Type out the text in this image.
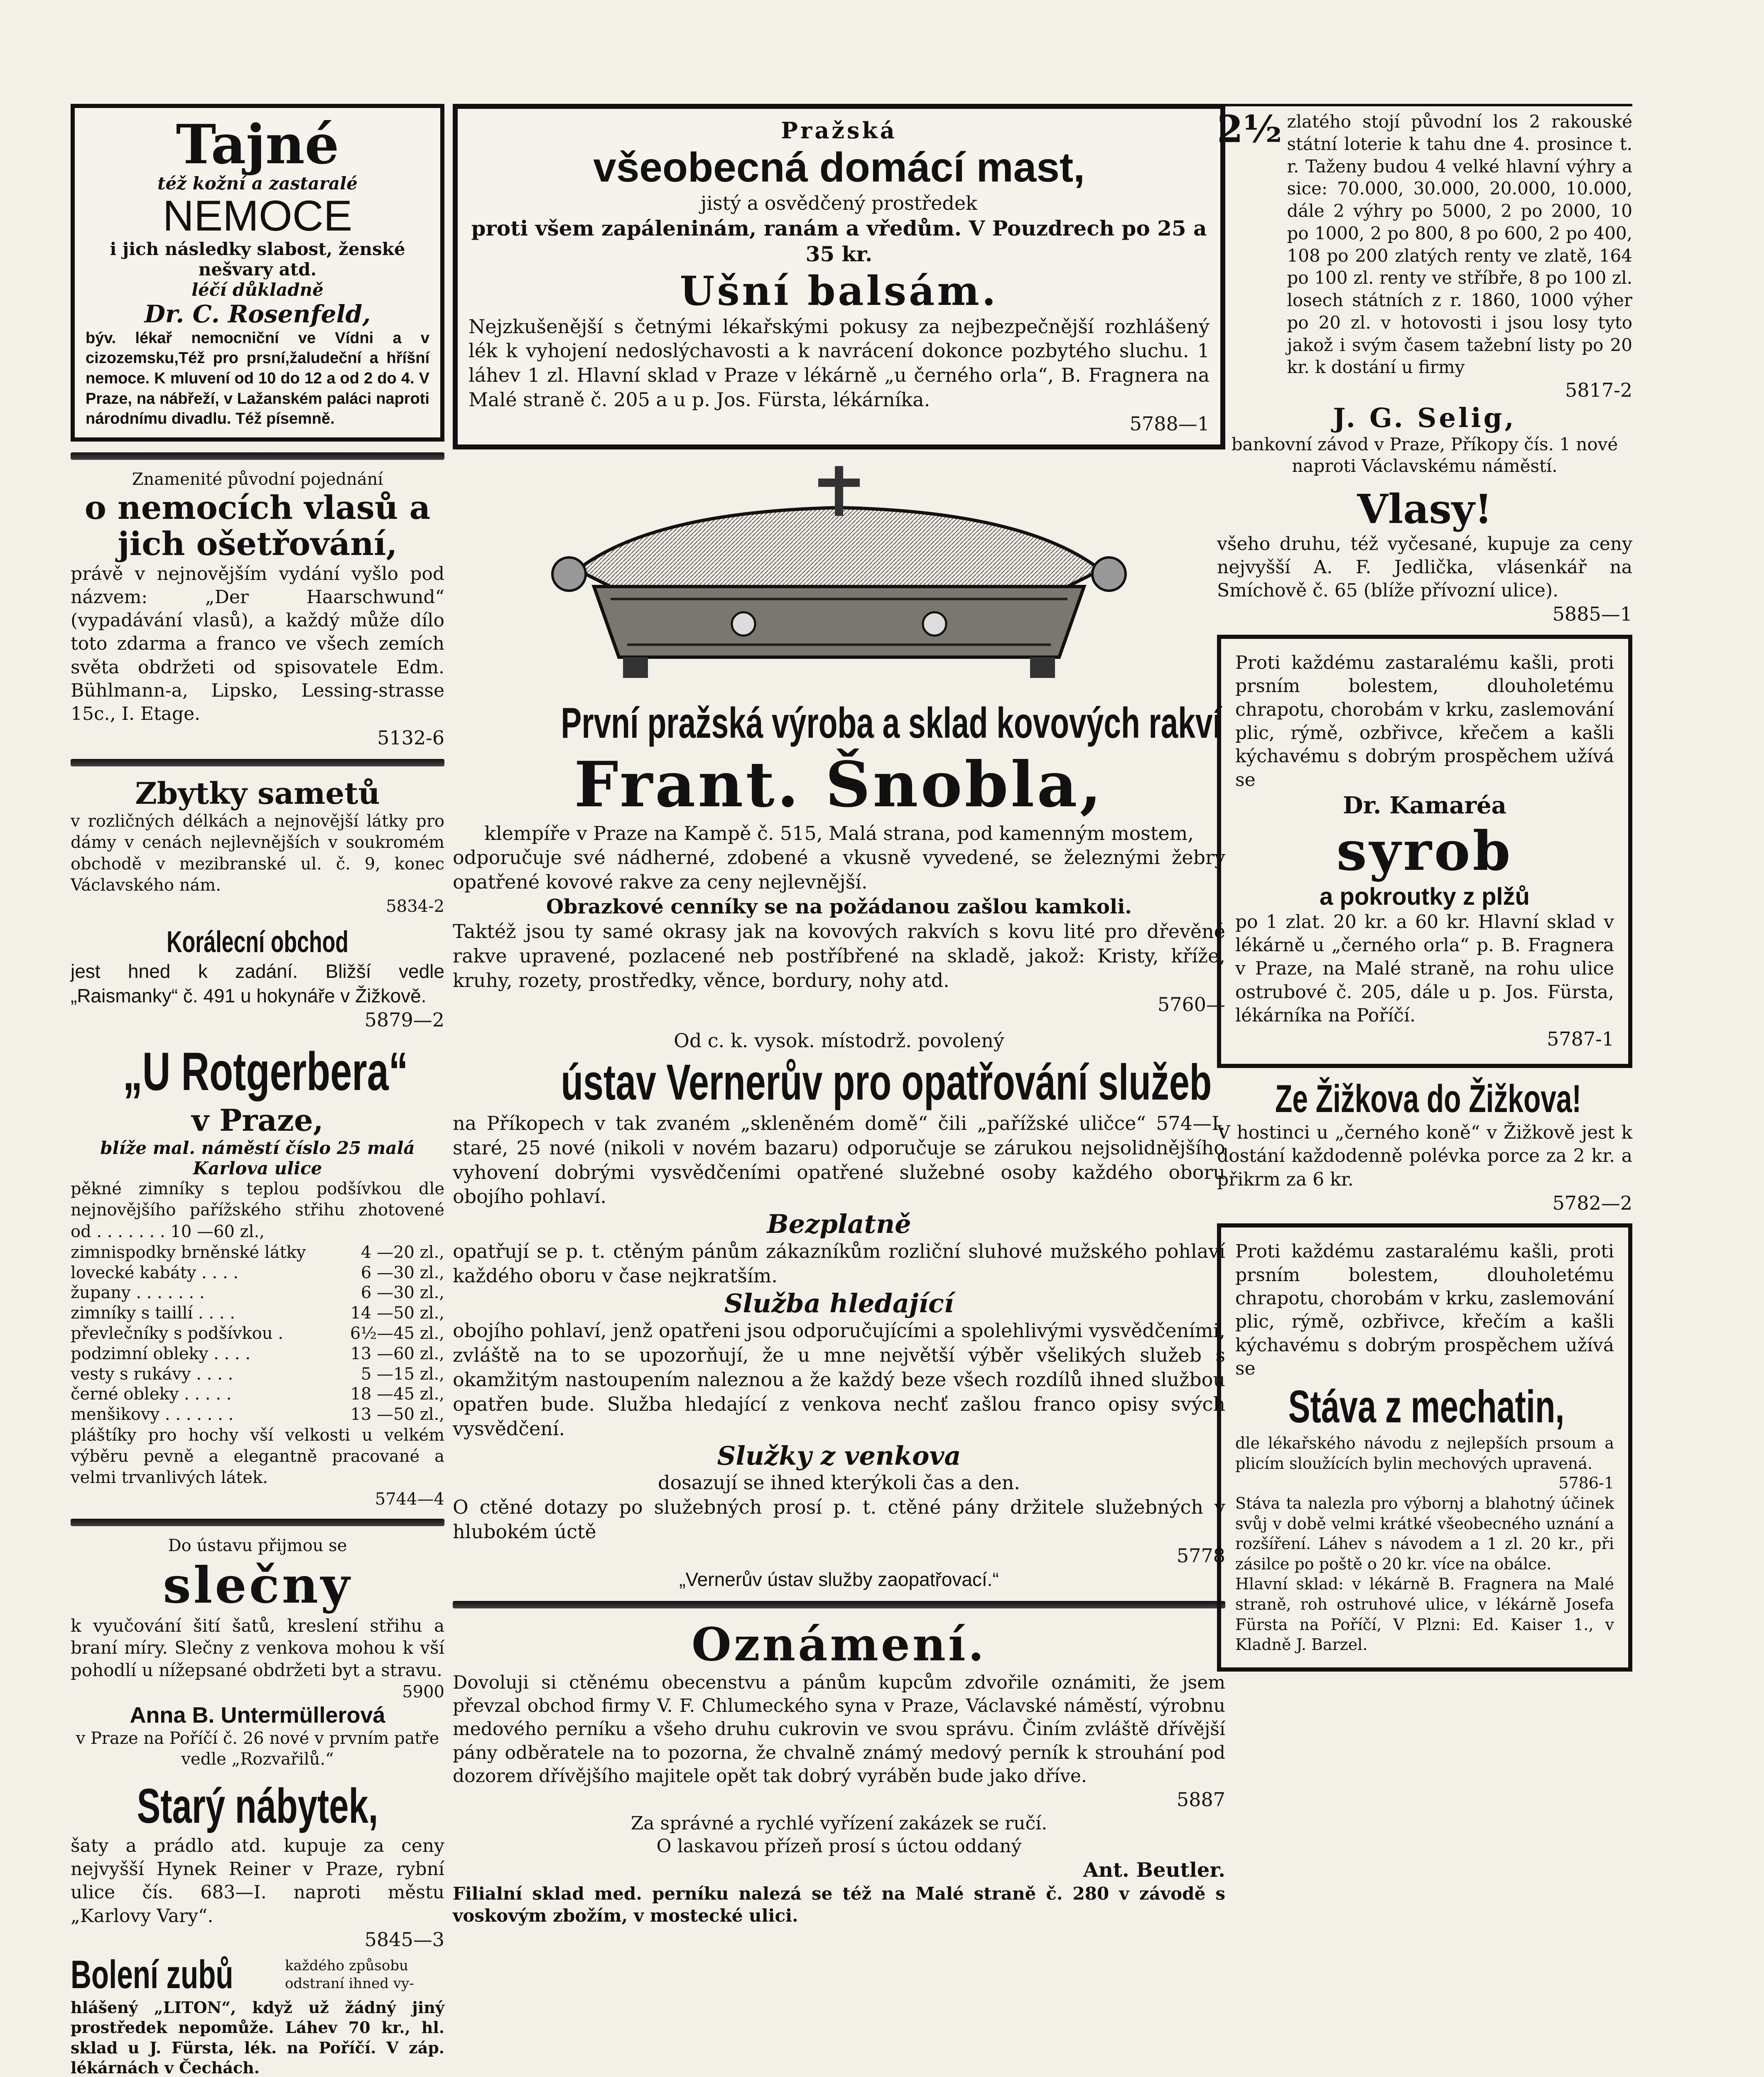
Tajné
též kožní a zastaralé
NEMOCE
i jich následky slabost, ženské nešvary atd.
léčí důkladně
Dr. C. Rosenfeld,

býv. lékař nemocniční ve Vídni a v cizozemsku,Též pro prsní,žaludeční a hříšní nemoce. K mluvení od 10 do 12 a od 2 do 4. V Praze, na nábřeží, v Lažanském paláci naproti národnímu divadlu. Též písemně.

Znamenité původní pojednání
o nemocích vlasů a jich ošetřování,

právě v nejnovějším vydání vyšlo pod názvem: „Der Haarschwund“ (vypadávání vlasů), a každý může dílo toto zdarma a franco ve všech zemích světa obdržeti od spisovatele Edm. Bühlmann-a, Lipsko, Lessing-strasse 15c., I. Etage.

5132-6
Zbytky sametů

v rozličných délkách a nejnovější látky pro dámy v cenách nejlevnějších v soukromém obchodě v mezibranské ul. č. 9, konec Václavského nám.

5834-2
Korálecní obchod

jest hned k zadání. Bližší vedle „Raismanky“ č. 491 u hokynáře v Žižkově.

5879—2
„U Rotgerbera“
v Praze,
blíže mal. náměstí číslo 25 malá Karlova ulice

pěkné zimníky s teplou podšívkou dle nejnovějšího pařížského střihu zhotovené od . . . . . . . 10 —60 zl.,

zimnispodky brněnské látky	4 —20 zl.,
lovecké kabáty . . . .	6 —30 zl.,
župany . . . . . . .	6 —30 zl.,
zimníky s taillí . . . .	14 —50 zl.,
převlečníky s podšívkou .	6½—45 zl.,
podzimní obleky . . . .	13 —60 zl.,
vesty s rukávy . . . .	5 —15 zl.,
černé obleky . . . . .	18 —45 zl.,
menšikovy . . . . . . .	13 —50 zl.,

pláštíky pro hochy vší velkosti u velkém výběru pevně a elegantně pracované a velmi trvanlivých látek.

5744—4
Do ústavu přijmou se
slečny

k vyučování šití šatů, kreslení střihu a braní míry. Slečny z venkova mohou k vší pohodlí u nížepsané obdržeti byt a stravu.

5900
Anna B. Untermüllerová
v Praze na Poříčí č. 26 nové v prvním patře vedle „Rozvařilů.“
Starý nábytek,

šaty a prádlo atd. kupuje za ceny nejvyšší Hynek Reiner v Praze, rybní ulice čís. 683—I. naproti městu „Karlovy Vary“.

5845—3
Bolení zubů	každého způsobu odstraní ihned vy-

hlášený „LITON“, když už žádný jiný prostředek nepomůže. Láhev 70 kr., hl. sklad u J. Fürsta, lék. na Poříčí. V záp. lékárnách v Čechách.

Pražská
všeobecná domácí mast,
jistý a osvědčený prostředek
proti všem zapáleninám, ranám a vředům. V Pouzdrech po 25 a 35 kr.
Ušní balsám.

Nejzkušenější s četnými lékařskými pokusy za nejbezpečnější rozhlášený lék k vyhojení nedoslýchavosti a k navrácení dokonce pozbytého sluchu. 1 láhev 1 zl. Hlavní sklad v Praze v lékárně „u černého orla“, B. Fragnera na Malé straně č. 205 a u p. Jos. Fürsta, lékárníka.

5788—1
První pražská výroba a sklad kovových rakví
Frant. Šnobla,

klempíře v Praze na Kampě č. 515, Malá strana, pod kamenným mostem,

odporučuje své nádherné, zdobené a vkusně vyvedené, se železnými žebry opatřené kovové rakve za ceny nejlevnější.

Obrazkové cenníky se na požádanou zašlou kamkoli.

Taktéž jsou ty samé okrasy jak na kovových rakvích s kovu lité pro dřevěné rakve upravené, pozlacené neb postříbřené na skladě, jakož: Kristy, kříže, kruhy, rozety, prostředky, věnce, bordury, nohy atd.

5760—
Od c. k. vysok. místodrž. povolený
ústav Vernerův pro opatřování služeb

na Příkopech v tak zvaném „skleněném domě“ čili „pařížské uličce“ 574—I. staré, 25 nové (nikoli v novém bazaru) odporučuje se zárukou nejsolidnějšího vyhovení dobrými vysvědčeními opatřené služebné osoby každého oboru obojího pohlaví.

Bezplatně

opatřují se p. t. ctěným pánům zákazníkům rozliční sluhové mužského pohlaví každého oboru v čase nejkratším.

Služba hledající

obojího pohlaví, jenž opatřeni jsou odporučujícími a spolehlivými vysvědčeními, zvláště na to se upozorňují, že u mne největší výběr všelikých služeb s okamžitým nastoupením naleznou a že každý beze všech rozdílů ihned službou opatřen bude. Služba hledající z venkova nechť zašlou franco opisy svých vysvědčení.

Služky z venkova

dosazují se ihned kterýkoli čas a den.

O ctěné dotazy po služebných prosí p. t. ctěné pány držitele služebných v hlubokém úctě

5778
„Vernerův ústav služby zaopatřovací.“
Oznámení.

Dovoluji si ctěnému obecenstvu a pánům kupcům zdvořile oznámiti, že jsem převzal obchod firmy V. F. Chlumeckého syna v Praze, Václavské náměstí, výrobnu medového perníku a všeho druhu cukrovin ve svou správu. Činím zvláště dřívější pány odběratele na to pozorna, že chvalně známý medový perník k strouhání pod dozorem dřívějšího majitele opět tak dobrý vyráběn bude jako dříve.

5887

Za správné a rychlé vyřízení zakázek se ručí.

O laskavou přízeň prosí s úctou oddaný

Ant. Beutler.

Filialní sklad med. perníku nalezá se též na Malé straně č. 280 v závodě s voskovým zbožím, v mostecké ulici.

2½ zlatého stojí původní los 2 rakouské státní loterie k tahu dne 4. prosince t. r. Taženy budou 4 velké hlavní výhry a sice: 70.000, 30.000, 20.000, 10.000, dále 2 výhry po 5000, 2 po 2000, 10 po 1000, 2 po 800, 8 po 600, 2 po 400, 108 po 200 zlatých renty ve zlatě, 164 po 100 zl. renty ve stříbře, 8 po 100 zl. losech státních z r. 1860, 1000 výher po 20 zl. v hotovosti i jsou losy tyto jakož i svým časem tažební listy po 20 kr. k dostání u firmy

5817-2
J. G. Selig,

bankovní závod v Praze, Příkopy čís. 1 nové naproti Václavskému náměstí.

Vlasy!

všeho druhu, též vyčesané, kupuje za ceny nejvyšší A. F. Jedlička, vlásenkář na Smíchově č. 65 (blíže přívozní ulice).

5885—1

Proti každému zastaralému kašli, proti prsním bolestem, dlouholetému chrapotu, chorobám v krku, zaslemování plic, rýmě, ozbřivce, křečem a kašli kýchavému s dobrým prospěchem užívá se

Dr. Kamaréa
syrob
a pokroutky z plžů

po 1 zlat. 20 kr. a 60 kr. Hlavní sklad v lékárně u „černého orla“ p. B. Fragnera v Praze, na Malé straně, na rohu ulice ostrubové č. 205, dále u p. Jos. Fürsta, lékárníka na Poříčí.

5787-1
Ze Žižkova do Žižkova!

V hostinci u „černého koně“ v Žižkově jest k dostání každodenně polévka porce za 2 kr. a přikrm za 6 kr.

5782—2

Proti každému zastaralému kašli, proti prsním bolestem, dlouholetému chrapotu, chorobám v krku, zaslemování plic, rýmě, ozbřivce, křečím a kašli kýchavému s dobrým prospěchem užívá se

Stáva z mechatin,

dle lékařského návodu z nejlepších prsoum a plicím sloužících bylin mechových upravená.

5786-1

Stáva ta nalezla pro výbornj a blahotný účinek svůj v době velmi krátké všeobecného uznání a rozšíření. Láhev s návodem a 1 zl. 20 kr., při zásilce po poště o 20 kr. více na obálce.

Hlavní sklad: v lékárně B. Fragnera na Malé straně, roh ostruhové ulice, v lékárně Josefa Fürsta na Poříčí, V Plzni: Ed. Kaiser 1., v Kladně J. Barzel.
